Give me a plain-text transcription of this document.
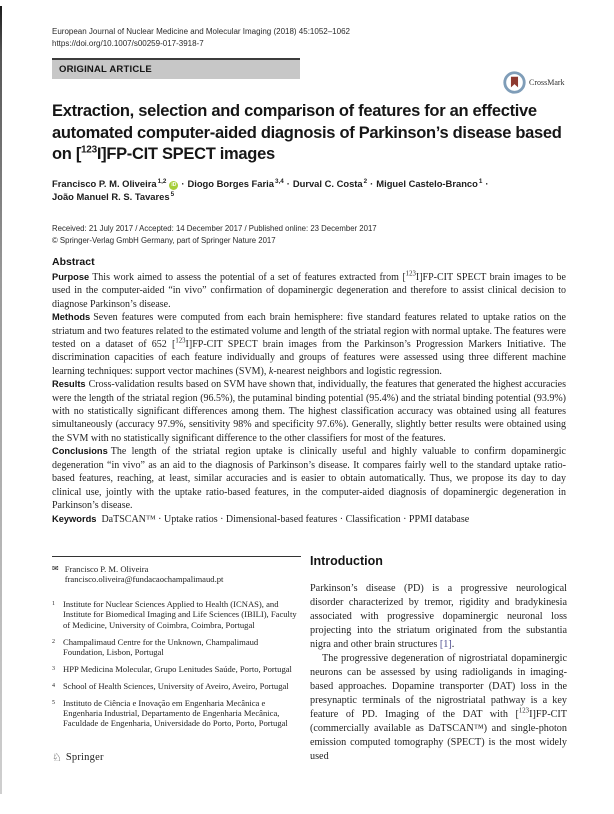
European Journal of Nuclear Medicine and Molecular Imaging (2018) 45:1052–1062
https://doi.org/10.1007/s00259-017-3918-7
ORIGINAL ARTICLE
CrossMark
Extraction, selection and comparison of features for an effective automated computer-aided diagnosis of Parkinson’s disease based on [$^{123}$I]FP-CIT SPECT images
Francisco P. M. Oliveira$^{1,2}$iD · Diogo Borges Faria$^{3,4}$ · Durval C. Costa$^2$ · Miguel Castelo-Branco$^1$ ·
João Manuel R. S. Tavares$^5$
Received: 21 July 2017 / Accepted: 14 December 2017 / Published online: 23 December 2017
© Springer-Verlag GmbH Germany, part of Springer Nature 2017
Abstract

Purpose This work aimed to assess the potential of a set of features extracted from [$^{123}$I]FP-CIT SPECT brain images to be used in the computer-aided “in vivo” confirmation of dopaminergic degeneration and therefore to assist clinical decision to diagnose Parkinson’s disease.

Methods Seven features were computed from each brain hemisphere: five standard features related to uptake ratios on the striatum and two features related to the estimated volume and length of the striatal region with normal uptake. The features were tested on a dataset of 652 [$^{123}$I]FP-CIT SPECT brain images from the Parkinson’s Progression Markers Initiative. The discrimination capacities of each feature individually and groups of features were assessed using three different machine learning techniques: support vector machines (SVM), k-nearest neighbors and logistic regression.

Results Cross-validation results based on SVM have shown that, individually, the features that generated the highest accuracies were the length of the striatal region (96.5%), the putaminal binding potential (95.4%) and the striatal binding potential (93.9%) with no statistically significant differences among them. The highest classification accuracy was obtained using all features simultaneously (accuracy 97.9%, sensitivity 98% and specificity 97.6%). Generally, slightly better results were obtained using the SVM with no statistically significant difference to the other classifiers for most of the features.

Conclusions The length of the striatal region uptake is clinically useful and highly valuable to confirm dopaminergic degeneration “in vivo” as an aid to the diagnosis of Parkinson’s disease. It compares fairly well to the standard uptake ratio-based features, reaching, at least, similar accuracies and is easier to obtain automatically. Thus, we propose its day to day clinical use, jointly with the uptake ratio-based features, in the computer-aided diagnosis of dopaminergic degeneration in Parkinson’s disease.

Keywords DaTSCAN™ · Uptake ratios · Dimensional-based features · Classification · PPMI database
✉ Francisco P. M. Oliveira
francisco.oliveira@fundacaochampalimaud.pt
1 Institute for Nuclear Sciences Applied to Health (ICNAS), and Institute for Biomedical Imaging and Life Sciences (IBILI), Faculty of Medicine, University of Coimbra, Coimbra, Portugal
2 Champalimaud Centre for the Unknown, Champalimaud Foundation, Lisbon, Portugal
3 HPP Medicina Molecular, Grupo Lenitudes Saúde, Porto, Portugal
4 School of Health Sciences, University of Aveiro, Aveiro, Portugal
5 Instituto de Ciência e Inovação em Engenharia Mecânica e Engenharia Industrial, Departamento de Engenharia Mecânica, Faculdade de Engenharia, Universidade do Porto, Porto, Portugal
Introduction

Parkinson’s disease (PD) is a progressive neurological disorder characterized by tremor, rigidity and bradykinesia associated with progressive dopaminergic neuronal loss projecting into the striatum originated from the substantia nigra and other brain structures [1].

The progressive degeneration of nigrostriatal dopaminergic neurons can be assessed by using radioligands in imaging-based approaches. Dopamine transporter (DAT) loss in the presynaptic terminals of the nigrostriatal pathway is a key feature of PD. Imaging of the DAT with [$^{123}$I]FP-CIT (commercially available as DaTSCAN™) and single-photon emission computed tomography (SPECT) is the most widely used

♘ Springer
